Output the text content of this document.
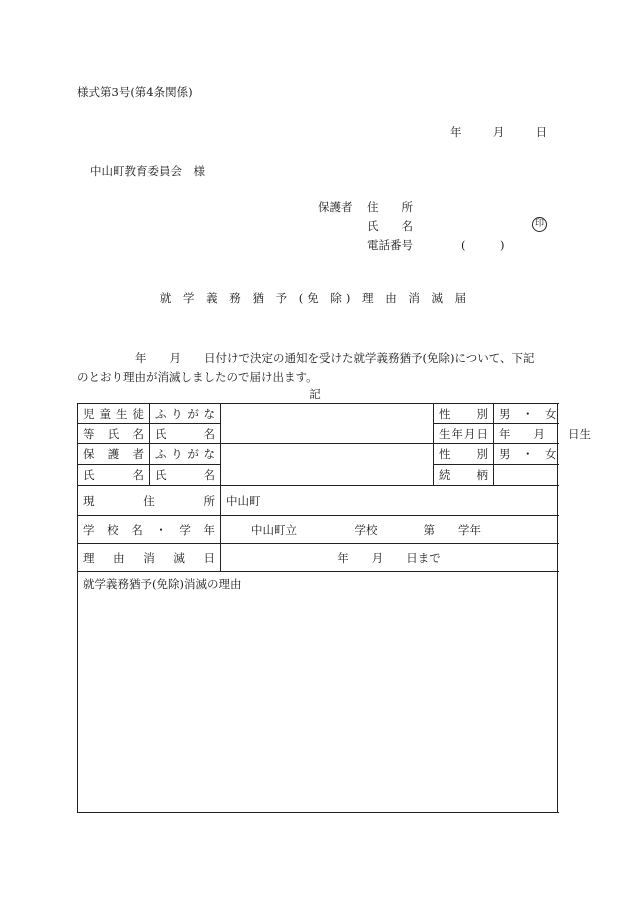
様式第3号(第4条関係)
年	月	日
中山町教育委員会　様
保護者 住　　所
氏　　名	印
電話番号	(　　　)
就 学 義 務 猶 予 (免 除) 理 由 消 滅 届
年　　月　　日付けで決定の通知を受けた就学義務猶予(免除)について、下記
のとおり理由が消滅しましたので届け出ます。
記
児童生徒	ふりがな		性　別	男　・　女
等氏名	氏　名		生年月日	年　　月　　日生
保護者	ふりがな		性　別	男　・　女
氏名	氏　名		続　柄	
現住所		中山町		
学校名・学年		中山町立　　　　　学校　　　　第　　学年		
理由消滅日		年　　月　　日まで		
就学義務猶予(免除)消滅の理由				
